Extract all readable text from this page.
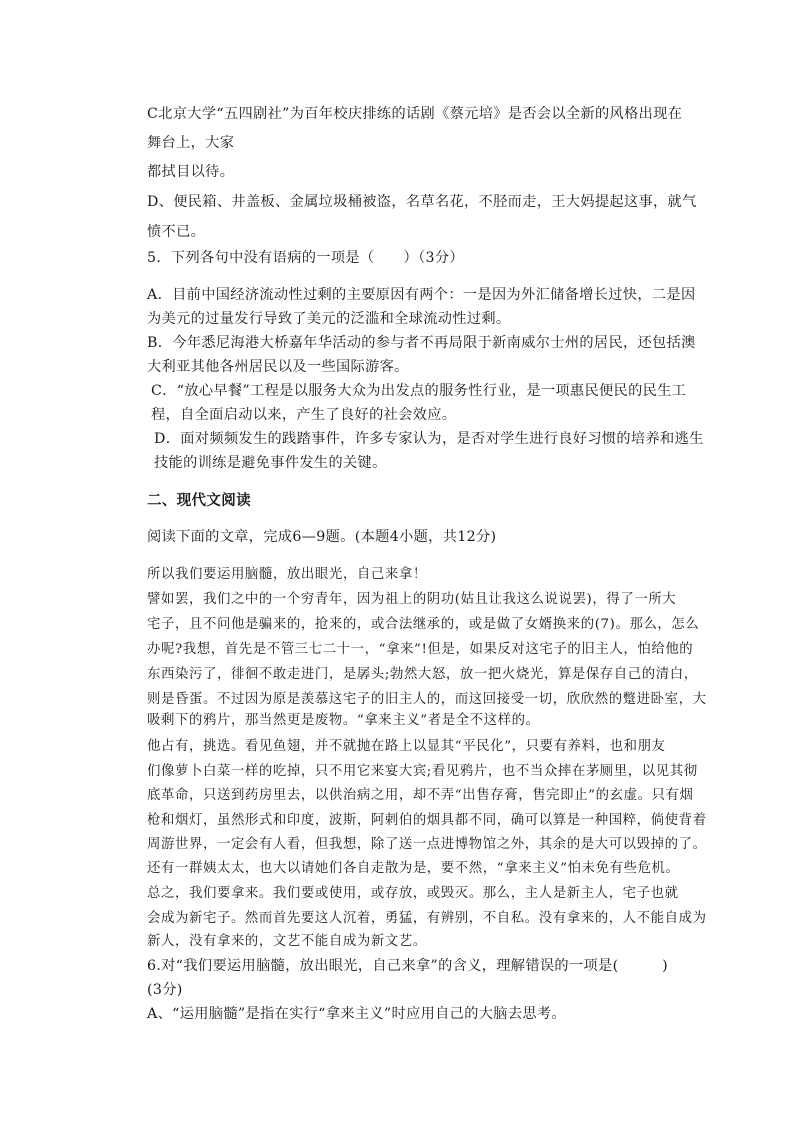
C北京大学“五四剧社”为百年校庆排练的话剧《蔡元培》是否会以全新的风格出现在
舞台上，大家
都拭目以待。
D、便民箱、井盖板、金属垃圾桶被盗，名草名花，不胫而走，王大妈提起这事，就气
愤不已。
5．下列各句中没有语病的一项是（　　）（3分）
A．目前中国经济流动性过剩的主要原因有两个：一是因为外汇储备增长过快，二是因
为美元的过量发行导致了美元的泛滥和全球流动性过剩。
B．今年悉尼海港大桥嘉年华活动的参与者不再局限于新南威尔士州的居民，还包括澳
大利亚其他各州居民以及一些国际游客。
C．“放心早餐”工程是以服务大众为出发点的服务性行业，是一项惠民便民的民生工
程，自全面启动以来，产生了良好的社会效应。
D．面对频频发生的践踏事件，许多专家认为，是否对学生进行良好习惯的培养和逃生
技能的训练是避免事件发生的关键。
二、现代文阅读
阅读下面的文章，完成6—9题。(本题4小题，共12分)
所以我们要运用脑髓，放出眼光，自己来拿！
譬如罢，我们之中的一个穷青年，因为祖上的阴功(姑且让我这么说说罢)，得了一所大
宅子，且不问他是骗来的，抢来的，或合法继承的，或是做了女婿换来的(7)。那么，怎么
办呢?我想，首先是不管三七二十一，“拿来”!但是，如果反对这宅子的旧主人，怕给他的
东西染污了，徘徊不敢走进门，是孱头;勃然大怒，放一把火烧光，算是保存自己的清白，
则是昏蛋。不过因为原是羡慕这宅子的旧主人的，而这回接受一切，欣欣然的蹩进卧室，大
吸剩下的鸦片，那当然更是废物。“拿来主义”者是全不这样的。
他占有，挑选。看见鱼翅，并不就抛在路上以显其“平民化”，只要有养料，也和朋友
们像萝卜白菜一样的吃掉，只不用它来宴大宾;看见鸦片，也不当众摔在茅厕里，以见其彻
底革命，只送到药房里去，以供治病之用，却不弄“出售存膏，售完即止”的玄虚。只有烟
枪和烟灯，虽然形式和印度，波斯，阿剌伯的烟具都不同，确可以算是一种国粹，倘使背着
周游世界，一定会有人看，但我想，除了送一点进博物馆之外，其余的是大可以毁掉的了。
还有一群姨太太，也大以请她们各自走散为是，要不然，“拿来主义”怕未免有些危机。
总之，我们要拿来。我们要或使用，或存放，或毁灭。那么，主人是新主人，宅子也就
会成为新宅子。然而首先要这人沉着，勇猛，有辨别，不自私。没有拿来的，人不能自成为
新人，没有拿来的，文艺不能自成为新文艺。
6.对“我们要运用脑髓，放出眼光，自己来拿”的含义，理解错误的一项是(　　　)
(3分)
A、“运用脑髓”是指在实行“拿来主义”时应用自己的大脑去思考。
